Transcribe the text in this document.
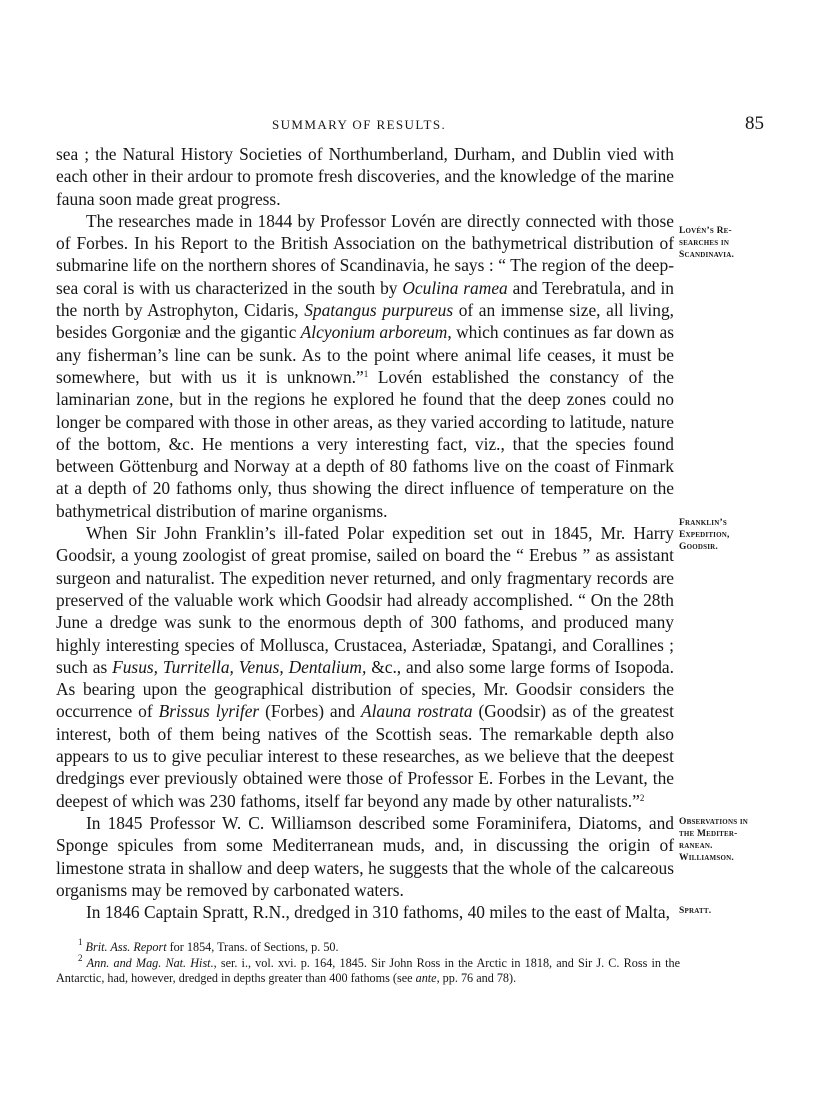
SUMMARY OF RESULTS.	85

sea ; the Natural History Societies of Northumberland, Durham, and Dublin vied with each other in their ardour to promote fresh discoveries, and the knowledge of the marine fauna soon made great progress.

The researches made in 1844 by Professor Lovén are directly connected with those of Forbes. In his Report to the British Association on the bathymetrical distribution of submarine life on the northern shores of Scandinavia, he says : “ The region of the deep-sea coral is with us characterized in the south by Oculina ramea and Terebratula, and in the north by Astrophyton, Cidaris, Spatangus purpureus of an immense size, all living, besides Gorgoniæ and the gigantic Alcyonium arboreum, which continues as far down as any fisherman’s line can be sunk. As to the point where animal life ceases, it must be somewhere, but with us it is unknown.”$^1$ Lovén established the constancy of the laminarian zone, but in the regions he explored he found that the deep zones could no longer be compared with those in other areas, as they varied according to latitude, nature of the bottom, &c. He mentions a very interesting fact, viz., that the species found between Göttenburg and Norway at a depth of 80 fathoms live on the coast of Finmark at a depth of 20 fathoms only, thus showing the direct influence of temperature on the bathymetrical distribution of marine organisms.

When Sir John Franklin’s ill-fated Polar expedition set out in 1845, Mr. Harry Goodsir, a young zoologist of great promise, sailed on board the “ Erebus ” as assistant surgeon and naturalist. The expedition never returned, and only fragmentary records are preserved of the valuable work which Goodsir had already accomplished. “ On the 28th June a dredge was sunk to the enormous depth of 300 fathoms, and produced many highly interesting species of Mollusca, Crustacea, Asteriadæ, Spatangi, and Corallines ; such as Fusus, Turritella, Venus, Dentalium, &c., and also some large forms of Isopoda. As bearing upon the geographical distribution of species, Mr. Goodsir considers the occurrence of Brissus lyrifer (Forbes) and Alauna rostrata (Goodsir) as of the greatest interest, both of them being natives of the Scottish seas. The remarkable depth also appears to us to give peculiar interest to these researches, as we believe that the deepest dredgings ever previously obtained were those of Professor E. Forbes in the Levant, the deepest of which was 230 fathoms, itself far beyond any made by other naturalists.”$^2$

In 1845 Professor W. C. Williamson described some Foraminifera, Diatoms, and Sponge spicules from some Mediterranean muds, and, in discussing the origin of limestone strata in shallow and deep waters, he suggests that the whole of the calcareous organisms may be removed by carbonated waters.

In 1846 Captain Spratt, R.N., dredged in 310 fathoms, 40 miles to the east of Malta,

Lovén’s Re-
searches in
Scandinavia.
Franklin’s
Expedition,
Goodsir.
Observations in
the Mediter-
ranean.
Williamson.
Spratt.

$^1$ Brit. Ass. Report for 1854, Trans. of Sections, p. 50.

$^2$ Ann. and Mag. Nat. Hist., ser. i., vol. xvi. p. 164, 1845. Sir John Ross in the Arctic in 1818, and Sir J. C. Ross in the Antarctic, had, however, dredged in depths greater than 400 fathoms (see ante, pp. 76 and 78).
